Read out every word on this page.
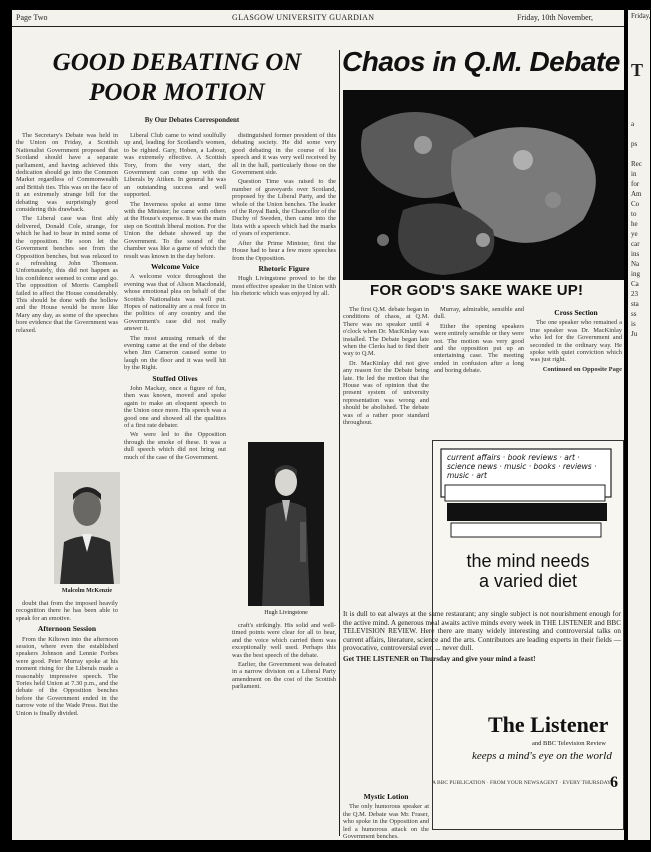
Page Two	GLASGOW UNIVERSITY GUARDIAN	Friday, 10th November,
GOOD DEBATING ON
POOR MOTION
By Our Debates Correspondent

The Secretary's Debate was held in the Union on Friday, a Scottish Nationalist Government proposed that Scotland should have a separate parliament, and having achieved this dedication should go into the Common Market regardless of Commonwealth and British ties. This was on the face of it an extremely strange bill for the debating was surprisingly good considering this drawback.

The Liberal case was first ably delivered, Donald Cole, strange, for which he had to bear in mind some of the opposition. He soon let the Government benches see from the Opposition benches, but was relaxed to a refreshing John Thomson. Unfortunately, this did not happen as his confidence seemed to come and go. The opposition of Morris Campbell failed to affect the House considerably. This should be done with the hollow and the House would be more like Mary any day, as some of the speeches bore evidence that the Government was relaxed.

Malcolm McKenzie

doubt that from the imposed heavily recognition there he has been able to speak for an emotive.

Afternoon Session

From the Kiltown into the afternoon session, where even the established speakers Johnson and Lennie Forbes were good. Peter Murray spoke at his moment rising for the Liberals made a reasonably impressive speech. The Tories held Union at 7.30 p.m., and the debate of the Opposition benches before the Government ended in the narrow vote of the Wade Press. But the Union is finally divided.

Liberal Club came to wind soulfully up and, leading for Scotland's women, to be righted. Gary, Hoben, a Labour, was extremely effective. A Scottish Tory, from the very start, the Government can come up with the Liberals by Aitken. In general he was an outstanding success and well supported.

The Inverness spoke at some time with the Minister; he came with others at the House's expense. It was the main step on Scottish liberal motion. For the Union the debate showed up the Government. To the sound of the chamber was like a game of which the result was known in the day before.

Welcome Voice

A welcome voice throughout the evening was that of Alison Macdonald, whose emotional plea on behalf of the Scottish Nationalists was well put. Hopes of nationality are a real force in the politics of any country and the Government's case did not really answer it.

The most amusing remark of the evening came at the end of the debate when Jim Cameron caused some to laugh on the floor and it was well hit by the Right.

Stuffed Olives

John Mackay, once a figure of fun, then was known, moved and spoke again to make an eloquent speech to the Union once more. His speech was a good one and showed all the qualities of a first rate debater.

We were led to the Opposition through the smoke of these. It was a dull speech which did not bring out much of the case of the Government.

distinguished former president of this debating society. He did some very good debating in the course of his speech and it was very well received by all in the hall, particularly those on the Government side.

Question Time was raised to the number of graveyards over Scotland, proposed by the Liberal Party, and the whole of the Union benches. The leader of the Royal Bank, the Chancellor of the Duchy of Sweden, then came into the lists with a speech which had the marks of years of experience.

After the Prime Minister, first the House had to hear a few more speeches from the Opposition.

Rhetoric Figure

Hugh Livingstone proved to be the most effective speaker in the Union with his rhetoric which was enjoyed by all.

Hugh Livingstone

craft's strikingly. His solid and well-timed points were clear for all to hear, and the voice which carried them was exceptionally well used. Perhaps this was the best speech of the debate.

Earlier, the Government was defeated in a narrow division on a Liberal Party amendment on the cost of the Scottish parliament.

Chaos in Q.M. Debate
FOR GOD'S SAKE WAKE UP!

The first Q.M. debate began in conditions of chaos, at Q.M. There was no speaker until 4 o'clock when Dr. MacKinlay was installed. The Debate began late when the Clerks had to find their way to Q.M.

Dr. MacKinlay did not give any reason for the Debate being late. He led the motion that the House was of opinion that the present system of university representation was wrong and should be abolished. The debate was of a rather poor standard throughout.

Murray, admirable, sensible and dull.

Either the opening speakers were entirely sensible or they were not. The motion was very good and the opposition put up an entertaining case. The meeting ended in confusion after a long and boring debate.

Cross Section

The one speaker who remained a true speaker was Dr. MacKinlay who led for the Government and seconded in the ordinary way. He spoke with quiet conviction which was just right.

Continued on Opposite Page
current affairs · book reviews · art · science news · music · books · reviews · music · art
the mind needs
a varied diet

It is dull to eat always at the same restaurant; any single subject is not nourishment enough for the active mind. A generous meal awaits active minds every week in THE LISTENER and BBC TELEVISION REVIEW. Here there are many widely interesting and controversial talks on current affairs, literature, science and the arts. Contributors are leading experts in their fields — provocative, controversial even ... never dull.

Get THE LISTENER on Thursday and give your mind a feast!

The Listener
and BBC Television Review
keeps a mind's eye on the world
A BBC PUBLICATION · FROM YOUR NEWSAGENT · EVERY THURSDAY
6
Mystic Lotion

The only humorous speaker at the Q.M. Debate was Mr. Fraser, who spoke in the Opposition and led a humorous attack on the Government benches.

Friday,
T
a
ps
Rec
in
for
Am
Co
to
he
ye
car
ins
Na
ing
Ca
23
sta
ss
is
Ju
